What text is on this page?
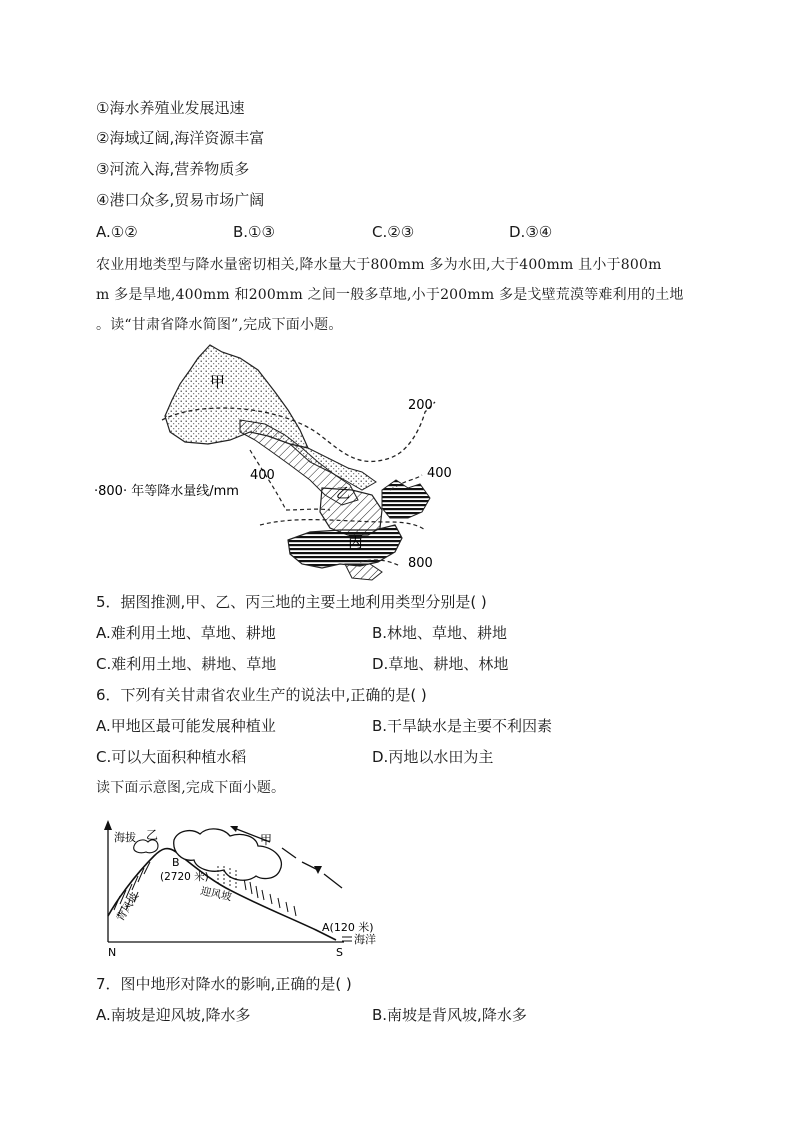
①海水养殖业发展迅速
②海域辽阔,海洋资源丰富
③河流入海,营养物质多
④港口众多,贸易市场广阔
A.①②	B.①③	C.②③	D.③④
农业用地类型与降水量密切相关,降水量大于800mm 多为水田,大于400mm 且小于800m
m 多是旱地,400mm 和200mm 之间一般多草地,小于200mm 多是戈壁荒漠等难利用的土地
。读“甘肃省降水简图”,完成下面小题。
甲
乙
丙
200
400	400
800
·800· 年等降水量线/mm
5．据图推测,甲、乙、丙三地的主要土地利用类型分别是( )
A.难利用土地、草地、耕地	B.林地、草地、耕地
C.难利用土地、耕地、草地	D.草地、耕地、林地
6．下列有关甘肃省农业生产的说法中,正确的是( )
A.甲地区最可能发展种植业	B.干旱缺水是主要不利因素
C.可以大面积种植水稻	D.丙地以水田为主
读下面示意图,完成下面小题。
海拔 乙	甲
B
(2720 米)
迎风坡
背风坡
A(120 米)
海洋
N	S
7．图中地形对降水的影响,正确的是( )
A.南坡是迎风坡,降水多	B.南坡是背风坡,降水多
